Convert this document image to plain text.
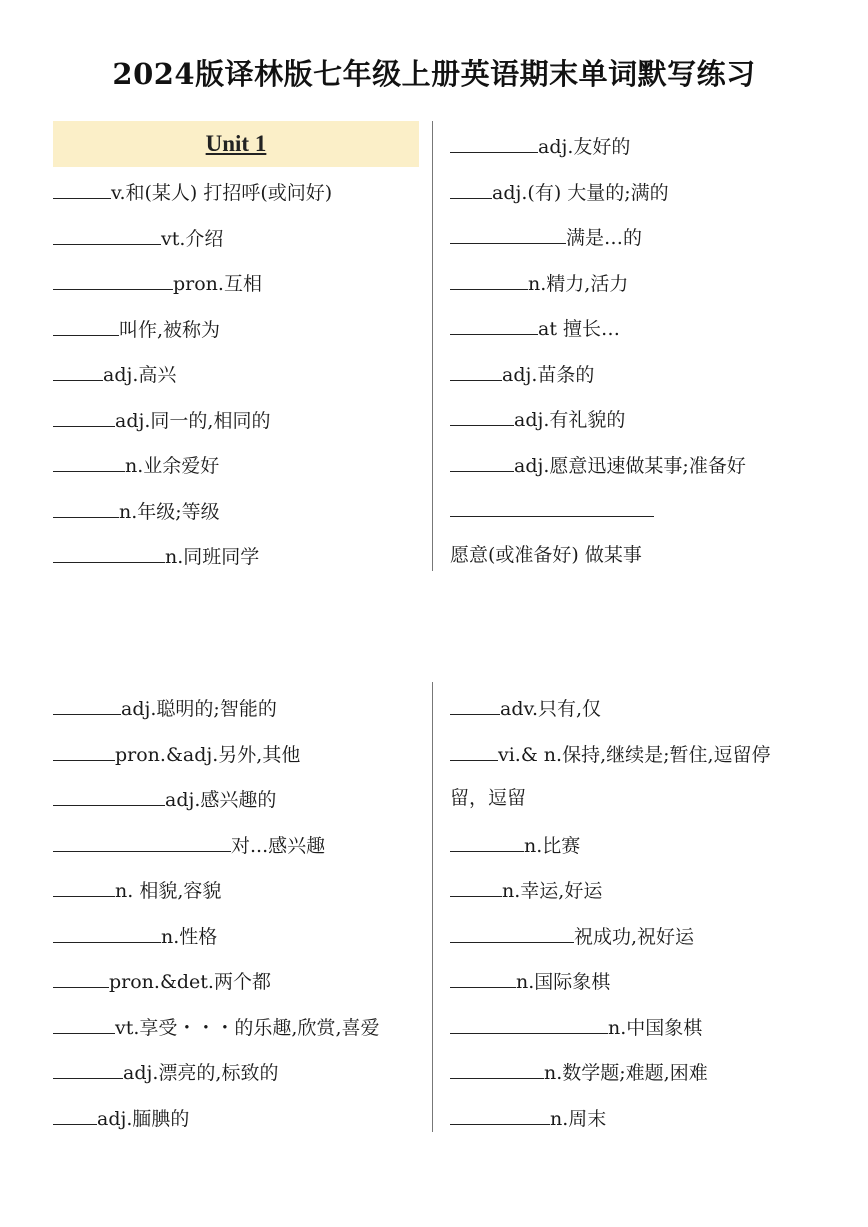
2024版译林版七年级上册英语期末单词默写练习
Unit 1
v.和(某人) 打招呼(或问好)
vt.介绍
pron.互相
叫作,被称为
adj.高兴
adj.同一的,相同的
n.业余爱好
n.年级;等级
n.同班同学
adj.友好的
adj.(有) 大量的;满的
满是…的
n.精力,活力
at 擅长…
adj.苗条的
adj.有礼貌的
adj.愿意迅速做某事;准备好
愿意(或准备好) 做某事
adj.聪明的;智能的
pron.&adj.另外,其他
adj.感兴趣的
对...感兴趣
n. 相貌,容貌
n.性格
pron.&det.两个都
vt.享受・・・的乐趣,欣赏,喜爱
adj.漂亮的,标致的
adj.腼腆的
adv.只有,仅
vi.& n.保持,继续是;暂住,逗留停
留，逗留
n.比赛
n.幸运,好运
祝成功,祝好运
n.国际象棋
n.中国象棋
n.数学题;难题,困难
n.周末
